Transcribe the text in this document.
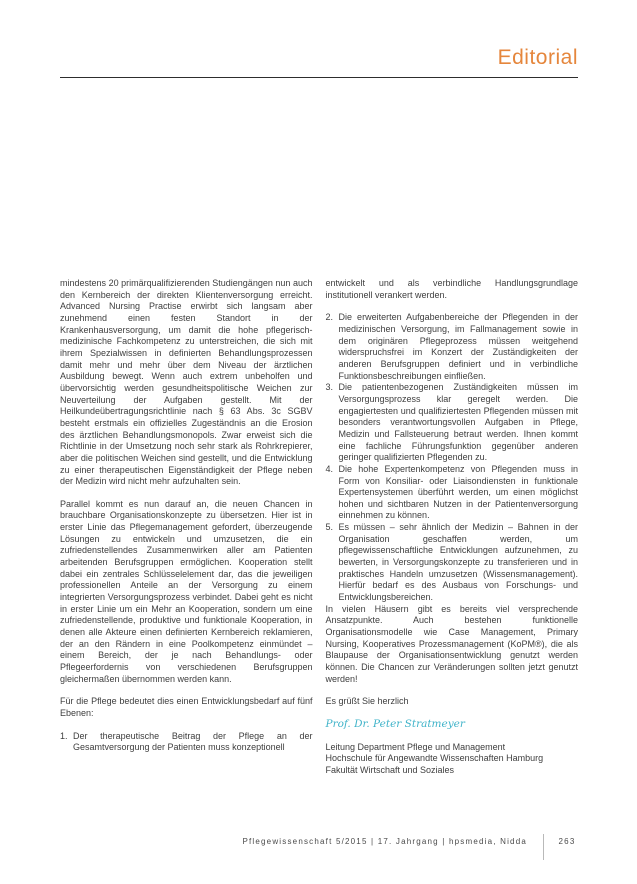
Editorial

mindestens 20 primärqualifizierenden Studiengängen nun auch den Kernbereich der direkten Klientenversorgung erreicht. Advanced Nursing Practise erwirbt sich langsam aber zunehmend einen festen Standort in der Krankenhausversorgung, um damit die hohe pflegerisch-medizinische Fachkompetenz zu unterstreichen, die sich mit ihrem Spezialwissen in definierten Behandlungsprozessen damit mehr und mehr über dem Niveau der ärztlichen Ausbildung bewegt. Wenn auch extrem unbeholfen und übervorsichtig werden gesundheitspolitische Weichen zur Neuverteilung der Aufgaben gestellt. Mit der Heilkundeübertragungsrichtlinie nach § 63 Abs. 3c SGBV besteht erstmals ein offizielles Zugeständnis an die Erosion des ärztlichen Behandlungsmonopols. Zwar erweist sich die Richtlinie in der Umsetzung noch sehr stark als Rohrkrepierer, aber die politischen Weichen sind gestellt, und die Entwicklung zu einer therapeutischen Eigenständigkeit der Pflege neben der Medizin wird nicht mehr aufzuhalten sein.

Parallel kommt es nun darauf an, die neuen Chancen in brauchbare Organisationskonzepte zu übersetzen. Hier ist in erster Linie das Pflegemanagement gefordert, überzeugende Lösungen zu entwickeln und umzusetzen, die ein zufriedenstellendes Zusammenwirken aller am Patienten arbeitenden Berufsgruppen ermöglichen. Kooperation stellt dabei ein zentrales Schlüsselelement dar, das die jeweiligen professionellen Anteile an der Versorgung zu einem integrierten Versorgungsprozess verbindet. Dabei geht es nicht in erster Linie um ein Mehr an Kooperation, sondern um eine zufriedenstellende, produktive und funktionale Kooperation, in denen alle Akteure einen definierten Kernbereich reklamieren, der an den Rändern in eine Poolkompetenz einmündet – einem Bereich, der je nach Behandlungs- oder Pflegeerfordernis von verschiedenen Berufsgruppen gleichermaßen übernommen werden kann.

Für die Pflege bedeutet dies einen Entwicklungsbedarf auf fünf Ebenen:

1. Der therapeutische Beitrag der Pflege an der Gesamtversorgung der Patienten muss konzeptionell

entwickelt und als verbindliche Handlungsgrundlage institutionell verankert werden.

2. Die erweiterten Aufgabenbereiche der Pflegenden in der medizinischen Versorgung, im Fallmanagement sowie in dem originären Pflegeprozess müssen weitgehend widerspruchsfrei im Konzert der Zuständigkeiten der anderen Berufsgruppen definiert und in verbindliche Funktionsbeschreibungen einfließen.
3. Die patientenbezogenen Zuständigkeiten müssen im Versorgungsprozess klar geregelt werden. Die engagiertesten und qualifiziertesten Pflegenden müssen mit besonders verantwortungsvollen Aufgaben in Pflege, Medizin und Fallsteuerung betraut werden. Ihnen kommt eine fachliche Führungsfunktion gegenüber anderen geringer qualifizierten Pflegenden zu.
4. Die hohe Expertenkompetenz von Pflegenden muss in Form von Konsiliar- oder Liaisondiensten in funktionale Expertensystemen überführt werden, um einen möglichst hohen und sichtbaren Nutzen in der Patientenversorgung einnehmen zu können.
5. Es müssen – sehr ähnlich der Medizin – Bahnen in der Organisation geschaffen werden, um pflegewissenschaftliche Entwicklungen aufzunehmen, zu bewerten, in Versorgungskonzepte zu transferieren und in praktisches Handeln umzusetzen (Wissensmanagement). Hierfür bedarf es des Ausbaus von Forschungs- und Entwicklungsbereichen.

In vielen Häusern gibt es bereits viel versprechende Ansatzpunkte. Auch bestehen funktionelle Organisationsmodelle wie Case Management, Primary Nursing, Kooperatives Prozessmanagement (KoPM®), die als Blaupause der Organisationsentwicklung genutzt werden können. Die Chancen zur Veränderungen sollten jetzt genutzt werden!

Es grüßt Sie herzlich

Prof. Dr. Peter Stratmeyer

Leitung Department Pflege und Management
Hochschule für Angewandte Wissenschaften Hamburg
Fakultät Wirtschaft und Soziales
Pflegewissenschaft 5/2015 | 17. Jahrgang | hpsmedia, Nidda	263
